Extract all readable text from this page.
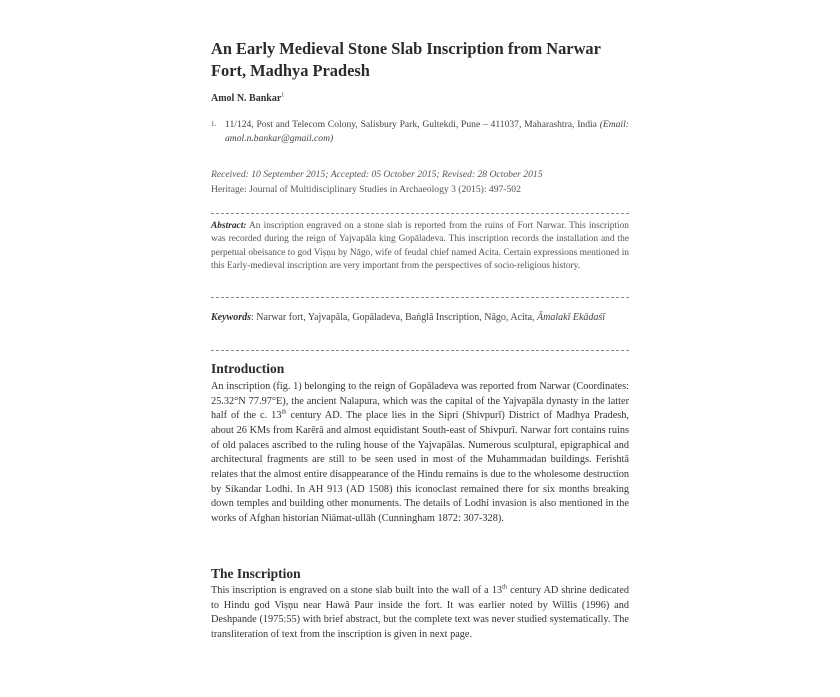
An Early Medieval Stone Slab Inscription from Narwar Fort, Madhya Pradesh
Amol N. Bankar$^1$
1. 11/124, Post and Telecom Colony, Salisbury Park, Gultekdi, Pune – 411037, Maharashtra, India (Email: amol.n.bankar@gmail.com)
Received: 10 September 2015; Accepted: 05 October 2015; Revised: 28 October 2015
Heritage: Journal of Multidisciplinary Studies in Archaeology 3 (2015): 497-502
Abstract: An inscription engraved on a stone slab is reported from the ruins of Fort Narwar. This inscription was recorded during the reign of Yajvapāla king Gopāladeva. This inscription records the installation and the perpetual obeisance to god Viṣṇu by Nāgo, wife of feudal chief named Acita. Certain expressions mentioned in this Early-medieval inscription are very important from the perspectives of socio-religious history.
Keywords: Narwar fort, Yajvapāla, Gopāladeva, Baṅglā Inscription, Nāgo, Acita, Āmalakī Ekādaśī
Introduction

An inscription (fig. 1) belonging to the reign of Gopāladeva was reported from Narwar (Coordinates: 25.32°N 77.97°E), the ancient Nalapura, which was the capital of the Yajvapāla dynasty in the latter half of the c. 13th century AD. The place lies in the Sipri (Shivpurī) District of Madhya Pradesh, about 26 KMs from Karērā and almost equidistant South-east of Shivpurī. Narwar fort contains ruins of old palaces ascribed to the ruling house of the Yajvapālas. Numerous sculptural, epigraphical and architectural fragments are still to be seen used in most of the Muhammadan buildings. Ferishtā relates that the almost entire disappearance of the Hindu remains is due to the wholesome destruction by Sikandar Lodhi. In AH 913 (AD 1508) this iconoclast remained there for six months breaking down temples and building other monuments. The details of Lodhi invasion is also mentioned in the works of Afghan historian Niāmat-ullāh (Cunningham 1872: 307-328).

The Inscription

This inscription is engraved on a stone slab built into the wall of a 13th century AD shrine dedicated to Hindu god Viṣṇu near Hawā Paur inside the fort. It was earlier noted by Willis (1996) and Deshpande (1975:55) with brief abstract, but the complete text was never studied systematically. The transliteration of text from the inscription is given in next page.
